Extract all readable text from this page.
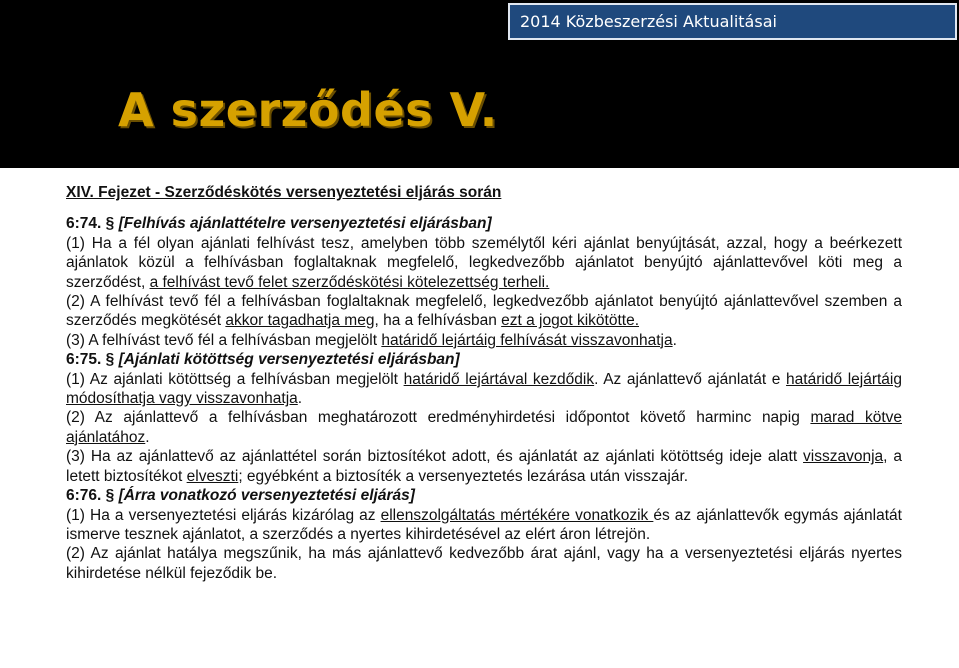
2014 Közbeszerzési Aktualitásai
A szerződés V.
XIV. Fejezet - Szerződéskötés versenyeztetési eljárás során

6:74. § [Felhívás ajánlattételre versenyeztetési eljárásban]

(1) Ha a fél olyan ajánlati felhívást tesz, amelyben több személytől kéri ajánlat benyújtását, azzal, hogy a beérkezett ajánlatok közül a felhívásban foglaltaknak megfelelő, legkedvezőbb ajánlatot benyújtó ajánlattevővel köti meg a szerződést, a felhívást tevő felet szerződéskötési kötelezettség terheli.

(2) A felhívást tevő fél a felhívásban foglaltaknak megfelelő, legkedvezőbb ajánlatot benyújtó ajánlattevővel szemben a szerződés megkötését akkor tagadhatja meg, ha a felhívásban ezt a jogot kikötötte.

(3) A felhívást tevő fél a felhívásban megjelölt határidő lejártáig felhívását visszavonhatja.

6:75. § [Ajánlati kötöttség versenyeztetési eljárásban]

(1) Az ajánlati kötöttség a felhívásban megjelölt határidő lejártával kezdődik. Az ajánlattevő ajánlatát e határidő lejártáig módosíthatja vagy visszavonhatja.

(2) Az ajánlattevő a felhívásban meghatározott eredményhirdetési időpontot követő harminc napig marad kötve ajánlatához.

(3) Ha az ajánlattevő az ajánlattétel során biztosítékot adott, és ajánlatát az ajánlati kötöttség ideje alatt visszavonja, a letett biztosítékot elveszti; egyébként a biztosíték a versenyeztetés lezárása után visszajár.

6:76. § [Árra vonatkozó versenyeztetési eljárás]

(1) Ha a versenyeztetési eljárás kizárólag az ellenszolgáltatás mértékére vonatkozik és az ajánlattevők egymás ajánlatát ismerve tesznek ajánlatot, a szerződés a nyertes kihirdetésével az elért áron létrejön.

(2) Az ajánlat hatálya megszűnik, ha más ajánlattevő kedvezőbb árat ajánl, vagy ha a versenyeztetési eljárás nyertes kihirdetése nélkül fejeződik be.
